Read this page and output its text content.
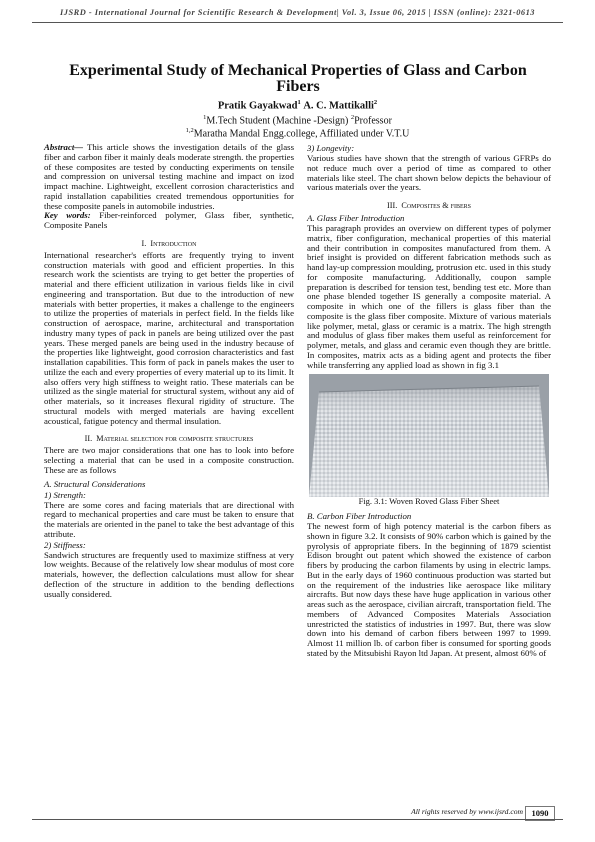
IJSRD - International Journal for Scientific Research & Development| Vol. 3, Issue 06, 2015 | ISSN (online): 2321-0613
Experimental Study of Mechanical Properties of Glass and Carbon Fibers
Pratik Gayakwad$^1$ A. C. Mattikalli$^2$
$^1$M.Tech Student (Machine -Design) $^2$Professor
$^{1,2}$Maratha Mandal Engg.college, Affiliated under V.T.U

Abstract— This article shows the investigation details of the glass fiber and carbon fiber it mainly deals moderate strength. the properties of these composites are tested by conducting experiments on tensile and compression on universal testing machine and impact on izod impact machine. Lightweight, excellent corrosion characteristics and rapid installation capabilities created tremendous opportunities for these composite panels in automobile industries.

Key words: Fiber-reinforced polymer, Glass fiber, synthetic, Composite Panels

I. Introduction

International researcher's efforts are frequently trying to invent construction materials with good and efficient properties. In this research work the scientists are trying to get better the properties of material and there efficient utilization in various fields like in civil engineering and transportation. But due to the introduction of new materials with better properties, it makes a challenge to the engineers to utilize the properties of materials in perfect field. In the fields like construction of aerospace, marine, architectural and transportation industry many types of pack in panels are being utilized over the past years. These merged panels are being used in the industry because of the properties like lightweight, good corrosion characteristics and fast installation capabilities. This form of pack in panels makes the user to utilize the each and every properties of every material up to its limit. It also offers very high stiffness to weight ratio. These materials can be utilized as the single material for structural system, without any aid of other materials, so it increases flexural rigidity of structure. The structural models with merged materials are having excellent acoustical, fatigue potency and thermal insulation.

II. Material selection for composite structures

There are two major considerations that one has to look into before selecting a material that can be used in a composite construction. These are as follows

A. Structural Considerations

1) Strength:

There are some cores and facing materials that are directional with regard to mechanical properties and care must be taken to ensure that the materials are oriented in the panel to take the best advantage of this attribute.

2) Stiffness:

Sandwich structures are frequently used to maximize stiffness at very low weights. Because of the relatively low shear modulus of most core materials, however, the deflection calculations must allow for shear deflection of the structure in addition to the bending deflections usually considered.

3) Longevity:

Various studies have shown that the strength of various GFRPs do not reduce much over a period of time as compared to other materials like steel. The chart shown below depicts the behaviour of various materials over the years.

III. Composites & fibers

A. Glass Fiber Introduction

This paragraph provides an overview on different types of polymer matrix, fiber configuration, mechanical properties of this material and their contribution in composites manufactured from them. A brief insight is provided on different fabrication methods such as hand lay-up compression moulding, protrusion etc. used in this study for composite manufacturing. Additionally, coupon sample preparation is described for tension test, bending test etc. More than one phase blended together IS generally a composite material. A composite in which one of the fillers is glass fiber than the composite is the glass fiber composite. Mixture of various materials like polymer, metal, glass or ceramic is a matrix. The high strength and modulus of glass fiber makes them useful as reinforcement for polymer, metals, and glass and ceramic even though they are brittle. In composites, matrix acts as a biding agent and protects the fiber while transferring any applied load as shown in fig 3.1

Fig. 3.1: Woven Roved Glass Fiber Sheet

B. Carbon Fiber Introduction

The newest form of high potency material is the carbon fibers as shown in figure 3.2. It consists of 90% carbon which is gained by the pyrolysis of appropriate fibers. In the beginning of 1879 scientist Edison brought out patent which showed the existence of carbon fibers by producing the carbon filaments by using in electric lamps. But in the early days of 1960 continuous production was started but on the requirement of the industries like aerospace like military aircrafts. But now days these have huge application in various other areas such as the aerospace, civilian aircraft, transportation field. The members of Advanced Composites Materials Association unrestricted the statistics of industries in 1997. But, there was slow down into his demand of carbon fibers between 1997 to 1999. Almost 11 million lb. of carbon fiber is consumed for sporting goods stated by the Mitsubishi Rayon ltd Japan. At present, almost 60% of

All rights reserved by www.ijsrd.com	1090
